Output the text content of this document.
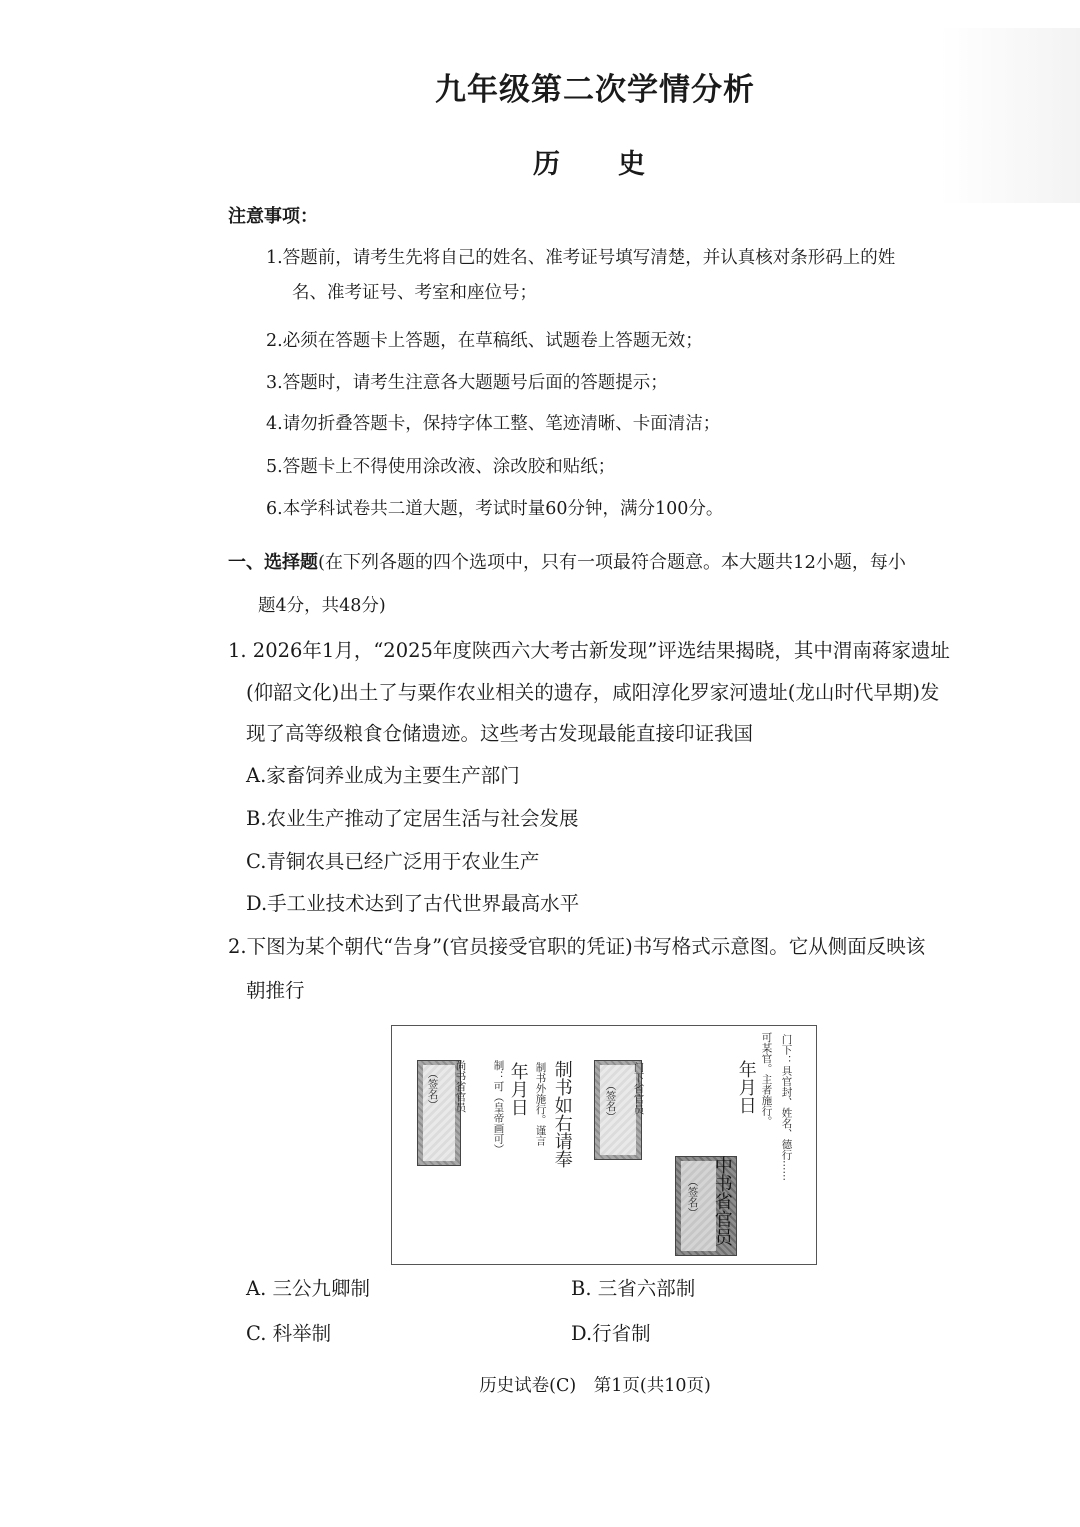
九年级第二次学情分析
历史
注意事项：
1.答题前，请考生先将自己的姓名、准考证号填写清楚，并认真核对条形码上的姓
名、准考证号、考室和座位号；
2.必须在答题卡上答题，在草稿纸、试题卷上答题无效；
3.答题时，请考生注意各大题题号后面的答题提示；
4.请勿折叠答题卡，保持字体工整、笔迹清晰、卡面清洁；
5.答题卡上不得使用涂改液、涂改胶和贴纸；
6.本学科试卷共二道大题，考试时量60分钟，满分100分。
一、选择题(在下列各题的四个选项中，只有一项最符合题意。本大题共12小题，每小
题4分，共48分)
1. 2026年1月，“2025年度陕西六大考古新发现”评选结果揭晓，其中渭南蒋家遗址
(仰韶文化)出土了与粟作农业相关的遗存，咸阳淳化罗家河遗址(龙山时代早期)发
现了高等级粮食仓储遗迹。这些考古发现最能直接印证我国
A.家畜饲养业成为主要生产部门
B.农业生产推动了定居生活与社会发展
C.青铜农具已经广泛用于农业生产
D.手工业技术达到了古代世界最高水平
2.下图为某个朝代“告身”(官员接受官职的凭证)书写格式示意图。它从侧面反映该
朝推行
（签名） 尚书省官员 制：可（皇帝画可） 年月日 制书外施行。谨言 制书如右请奉	（签名） 门下省官员	年月日
（签名） 中书省官员
可某官。主者施行。 门下：具官封、姓名、德行……
A. 三公九卿制	B. 三省六部制
C. 科举制	D.行省制
历史试卷(C)　第1页(共10页)
